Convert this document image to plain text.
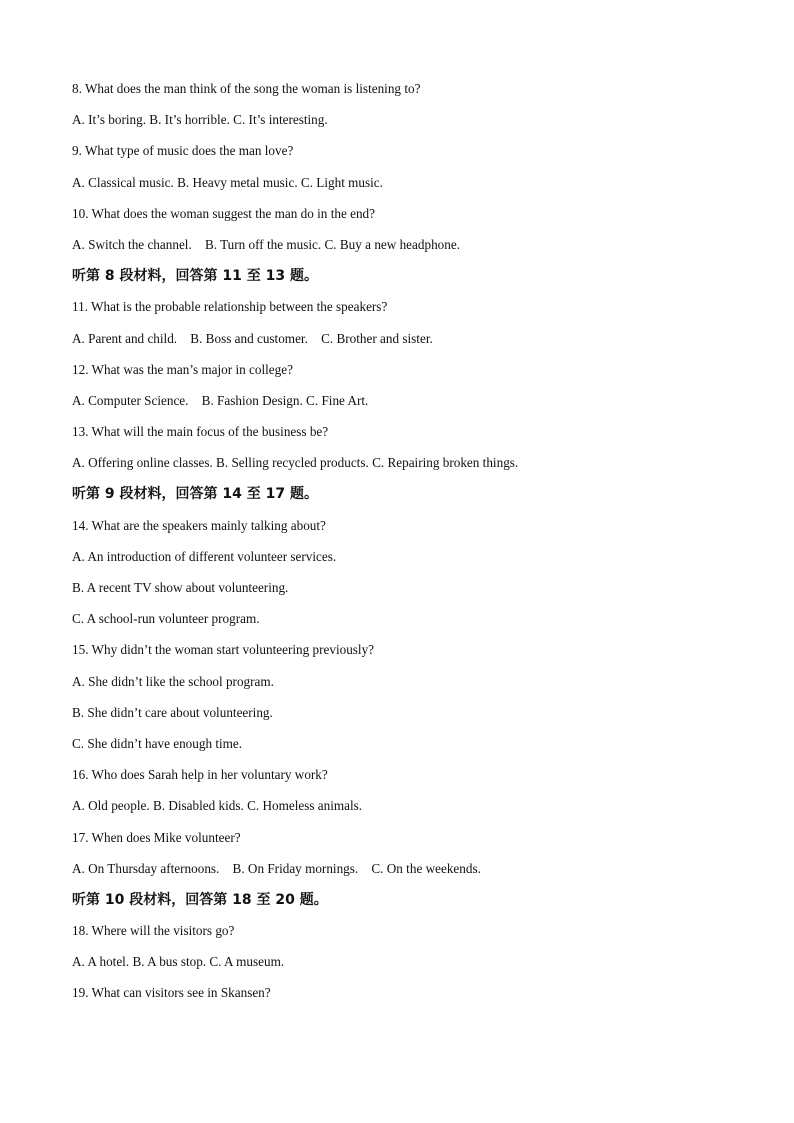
8. What does the man think of the song the woman is listening to?
A. It’s boring. B. It’s horrible. C. It’s interesting.
9. What type of music does the man love?
A. Classical music. B. Heavy metal music. C. Light music.
10. What does the woman suggest the man do in the end?
A. Switch the channel.    B. Turn off the music. C. Buy a new headphone.
听第 8 段材料，回答第 11 至 13 题。
11. What is the probable relationship between the speakers?
A. Parent and child.    B. Boss and customer.    C. Brother and sister.
12. What was the man’s major in college?
A. Computer Science.    B. Fashion Design. C. Fine Art.
13. What will the main focus of the business be?
A. Offering online classes. B. Selling recycled products. C. Repairing broken things.
听第 9 段材料，回答第 14 至 17 题。
14. What are the speakers mainly talking about?
A. An introduction of different volunteer services.
B. A recent TV show about volunteering.
C. A school-run volunteer program.
15. Why didn’t the woman start volunteering previously?
A. She didn’t like the school program.
B. She didn’t care about volunteering.
C. She didn’t have enough time.
16. Who does Sarah help in her voluntary work?
A. Old people. B. Disabled kids. C. Homeless animals.
17. When does Mike volunteer?
A. On Thursday afternoons.    B. On Friday mornings.    C. On the weekends.
听第 10 段材料，回答第 18 至 20 题。
18. Where will the visitors go?
A. A hotel. B. A bus stop. C. A museum.
19. What can visitors see in Skansen?
